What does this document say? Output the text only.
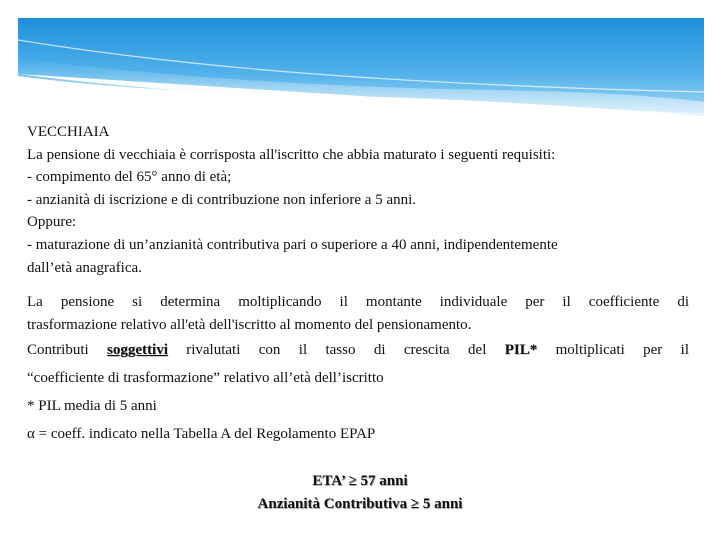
VECCHIAIA

La pensione di vecchiaia è corrisposta all'iscritto che abbia maturato i seguenti requisiti:

- compimento del 65° anno di età;

- anzianità di iscrizione e di contribuzione non inferiore a 5 anni.

Oppure:

- maturazione di un’anzianità contributiva pari o superiore a 40 anni, indipendentemente

dall’età anagrafica.

La pensione si determina moltiplicando il montante individuale per il coefficiente di

trasformazione relativo all'età dell'iscritto al momento del pensionamento.

Contributi soggettivi rivalutati con il tasso di crescita del PIL* moltiplicati per il

“coefficiente di trasformazione” relativo all’età dell’iscritto

* PIL media di 5 anni

α = coeff. indicato nella Tabella A del Regolamento EPAP

ETA’ ≥ 57 anni
Anzianità Contributiva ≥ 5 anni
